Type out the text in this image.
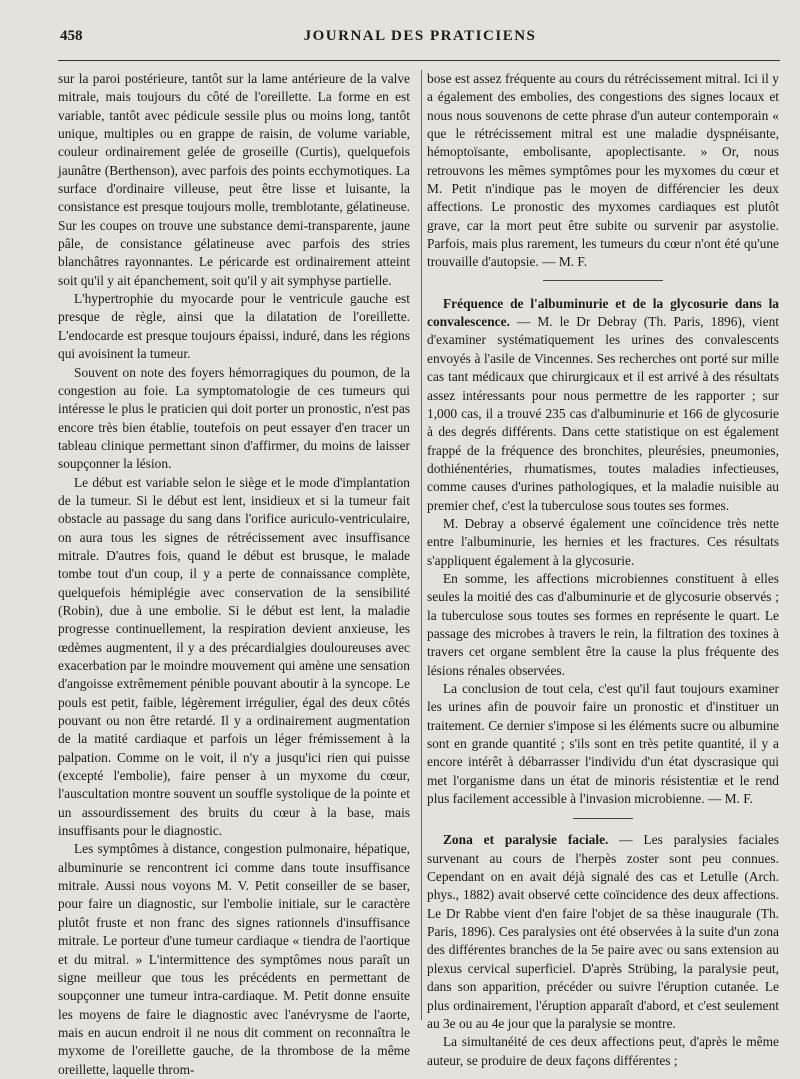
458	JOURNAL DES PRATICIENS

sur la paroi postérieure, tantôt sur la lame antérieure de la valve mitrale, mais toujours du côté de l'oreillette. La forme en est variable, tantôt avec pédicule sessile plus ou moins long, tantôt unique, multiples ou en grappe de raisin, de volume variable, couleur ordinairement gelée de groseille (Curtis), quelquefois jaunâtre (Berthenson), avec parfois des points ecchymotiques. La surface d'ordinaire villeuse, peut être lisse et luisante, la consistance est presque toujours molle, tremblotante, gélatineuse. Sur les coupes on trouve une substance demi-transparente, jaune pâle, de consistance gélatineuse avec parfois des stries blanchâtres rayonnantes. Le péricarde est ordinairement atteint soit qu'il y ait épanchement, soit qu'il y ait symphyse partielle.

L'hypertrophie du myocarde pour le ventricule gauche est presque de règle, ainsi que la dilatation de l'oreillette. L'endocarde est presque toujours épaissi, induré, dans les régions qui avoisinent la tumeur.

Souvent on note des foyers hémorragiques du poumon, de la congestion au foie. La symptomatologie de ces tumeurs qui intéresse le plus le praticien qui doit porter un pronostic, n'est pas encore très bien établie, toutefois on peut essayer d'en tracer un tableau clinique permettant sinon d'affirmer, du moins de laisser soupçonner la lésion.

Le début est variable selon le siège et le mode d'implantation de la tumeur. Si le début est lent, insidieux et si la tumeur fait obstacle au passage du sang dans l'orifice auriculo-ventriculaire, on aura tous les signes de rétrécissement avec insuffisance mitrale. D'autres fois, quand le début est brusque, le malade tombe tout d'un coup, il y a perte de connaissance complète, quelquefois hémiplégie avec conservation de la sensibilité (Robin), due à une embolie. Si le début est lent, la maladie progresse continuellement, la respiration devient anxieuse, les œdèmes augmentent, il y a des précardialgies douloureuses avec exacerbation par le moindre mouvement qui amène une sensation d'angoisse extrêmement pénible pouvant aboutir à la syncope. Le pouls est petit, faible, légèrement irrégulier, égal des deux côtés pouvant ou non être retardé. Il y a ordinairement augmentation de la matité cardiaque et parfois un léger frémissement à la palpation. Comme on le voit, il n'y a jusqu'ici rien qui puisse (excepté l'embolie), faire penser à un myxome du cœur, l'auscultation montre souvent un souffle systolique de la pointe et un assourdissement des bruits du cœur à la base, mais insuffisants pour le diagnostic.

Les symptômes à distance, congestion pulmonaire, hépatique, albuminurie se rencontrent ici comme dans toute insuffisance mitrale. Aussi nous voyons M. V. Petit conseiller de se baser, pour faire un diagnostic, sur l'embolie initiale, sur le caractère plutôt fruste et non franc des signes rationnels d'insuffisance mitrale. Le porteur d'une tumeur cardiaque « tiendra de l'aortique et du mitral. » L'intermittence des symptômes nous paraît un signe meilleur que tous les précédents en permettant de soupçonner une tumeur intra-cardiaque. M. Petit donne ensuite les moyens de faire le diagnostic avec l'anévrysme de l'aorte, mais en aucun endroit il ne nous dit comment on reconnaîtra le myxome de l'oreillette gauche, de la thrombose de la même oreillette, laquelle throm-

bose est assez fréquente au cours du rétrécissement mitral. Ici il y a également des embolies, des congestions des signes locaux et nous nous souvenons de cette phrase d'un auteur contemporain « que le rétrécissement mitral est une maladie dyspnéisante, hémoptoïsante, embolisante, apoplectisante. » Or, nous retrouvons les mêmes symptômes pour les myxomes du cœur et M. Petit n'indique pas le moyen de différencier les deux affections. Le pronostic des myxomes cardiaques est plutôt grave, car la mort peut être subite ou survenir par asystolie. Parfois, mais plus rarement, les tumeurs du cœur n'ont été qu'une trouvaille d'autopsie. — M. F.

Fréquence de l'albuminurie et de la glycosurie dans la convalescence. — M. le Dr Debray (Th. Paris, 1896), vient d'examiner systématiquement les urines des convalescents envoyés à l'asile de Vincennes. Ses recherches ont porté sur mille cas tant médicaux que chirurgicaux et il est arrivé à des résultats assez intéressants pour nous permettre de les rapporter ; sur 1,000 cas, il a trouvé 235 cas d'albuminurie et 166 de glycosurie à des degrés différents. Dans cette statistique on est également frappé de la fréquence des bronchites, pleurésies, pneumonies, dothiénentéries, rhumatismes, toutes maladies infectieuses, comme causes d'urines pathologiques, et la maladie nuisible au premier chef, c'est la tuberculose sous toutes ses formes.

M. Debray a observé également une coïncidence très nette entre l'albuminurie, les hernies et les fractures. Ces résultats s'appliquent également à la glycosurie.

En somme, les affections microbiennes constituent à elles seules la moitié des cas d'albuminurie et de glycosurie observés ; la tuberculose sous toutes ses formes en représente le quart. Le passage des microbes à travers le rein, la filtration des toxines à travers cet organe semblent être la cause la plus fréquente des lésions rénales observées.

La conclusion de tout cela, c'est qu'il faut toujours examiner les urines afin de pouvoir faire un pronostic et d'instituer un traitement. Ce dernier s'impose si les éléments sucre ou albumine sont en grande quantité ; s'ils sont en très petite quantité, il y a encore intérêt à débarrasser l'individu d'un état dyscrasique qui met l'organisme dans un état de minoris résistentiæ et le rend plus facilement accessible à l'invasion microbienne. — M. F.

Zona et paralysie faciale. — Les paralysies faciales survenant au cours de l'herpès zoster sont peu connues. Cependant on en avait déjà signalé des cas et Letulle (Arch. phys., 1882) avait observé cette coïncidence des deux affections. Le Dr Rabbe vient d'en faire l'objet de sa thèse inaugurale (Th. Paris, 1896). Ces paralysies ont été observées à la suite d'un zona des différentes branches de la 5e paire avec ou sans extension au plexus cervical superficiel. D'après Strübing, la paralysie peut, dans son apparition, précéder ou suivre l'éruption cutanée. Le plus ordinairement, l'éruption apparaît d'abord, et c'est seulement au 3e ou au 4e jour que la paralysie se montre.

La simultanéité de ces deux affections peut, d'après le même auteur, se produire de deux façons différentes ;
